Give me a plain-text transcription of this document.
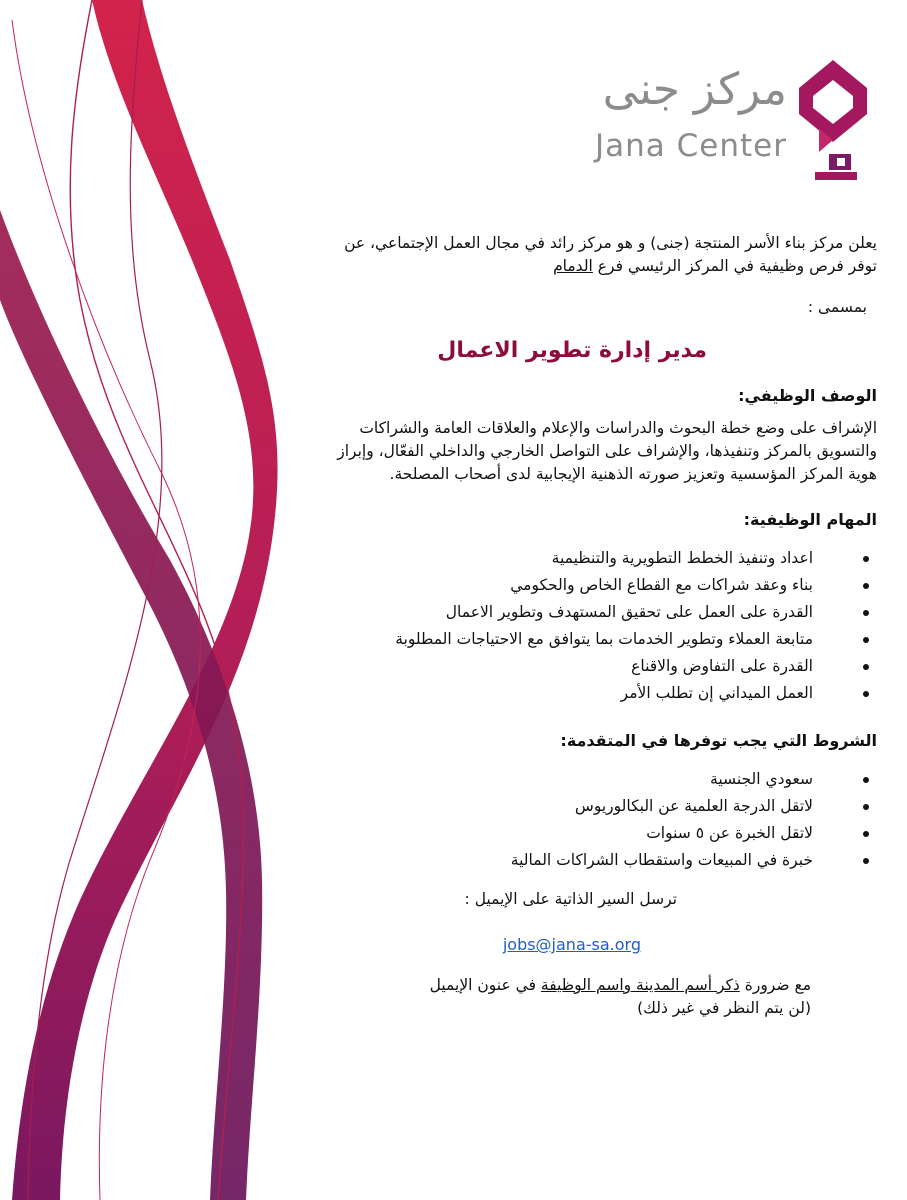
مركز جنى
Jana Center

يعلن مركز بناء الأسر المنتجة (جنى) و هو مركز رائد في مجال العمل الإجتماعي، عن توفر فرص وظيفية في المركز الرئيسي فرع الدمام

بمسمى :

مدير إدارة تطوير الاعمال

الوصف الوظيفي:

الإشراف على وضع خطة البحوث والدراسات والإعلام والعلاقات العامة والشراكات والتسويق بالمركز وتنفيذها، والإشراف على التواصل الخارجي والداخلي الفعّال، وإبراز هوية المركز المؤسسية وتعزيز صورته الذهنية الإيجابية لدى أصحاب المصلحة.

المهام الوظيفية:

اعداد وتنفيذ الخطط التطويرية والتنظيمية
بناء وعقد شراكات مع القطاع الخاص والحكومي
القدرة على العمل على تحقيق المستهدف وتطوير الاعمال
متابعة العملاء وتطوير الخدمات بما يتوافق مع الاحتياجات المطلوبة
القدرة على التفاوض والاقناع
العمل الميداني إن تطلب الأمر

الشروط التي يجب توفرها في المتقدمة:

سعودي الجنسية
لاتقل الدرجة العلمية عن البكالوريوس
لاتقل الخبرة عن ٥ سنوات
خبرة في المبيعات واستقطاب الشراكات المالية

ترسل السير الذاتية على الإيميل :

jobs@jana-sa.org

مع ضرورة ذكر أسم المدينة واسم الوظيفة في عنون الإيميل
(لن يتم النظر في غير ذلك)
